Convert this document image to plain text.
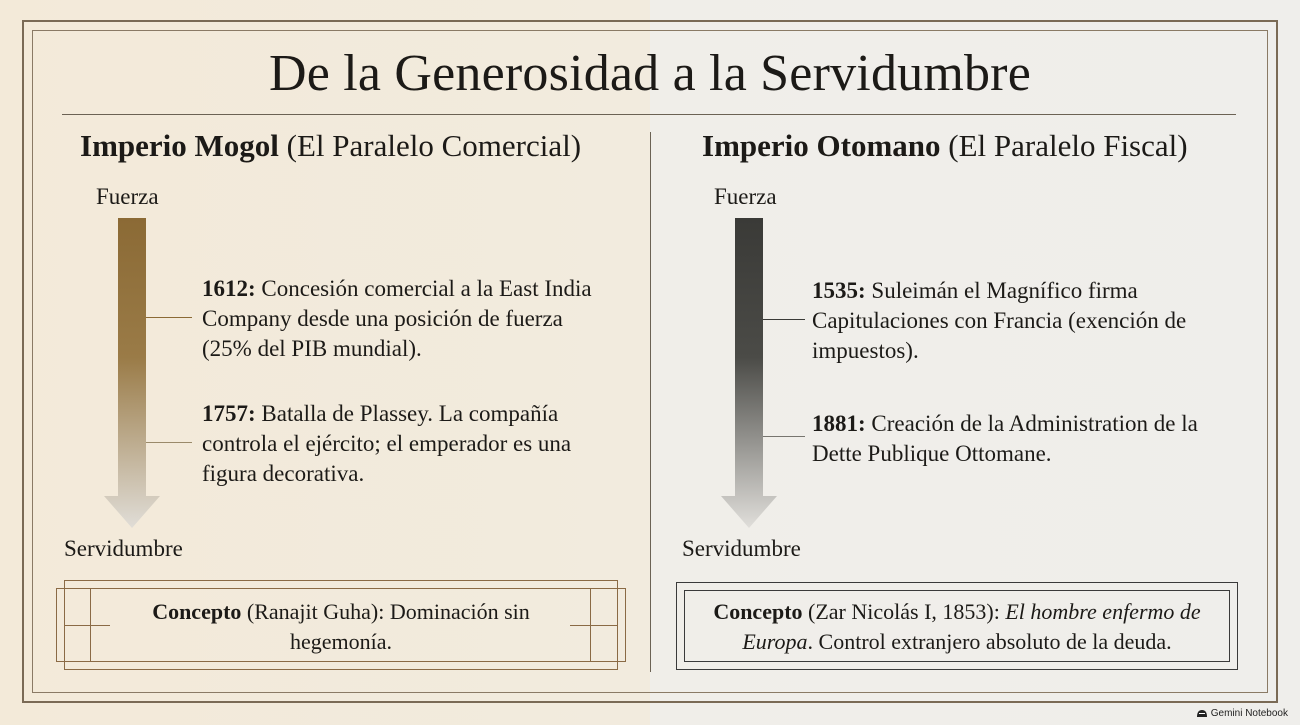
De la Generosidad a la Servidumbre
Imperio Mogol (El Paralelo Comercial)
Fuerza
Servidumbre
1612: Concesión comercial a la East India Company desde una posición de fuerza (25% del PIB mundial).
1757: Batalla de Plassey. La compañía controla el ejército; el emperador es una figura decorativa.
Concepto (Ranajit Guha): Dominación sin hegemonía.
Imperio Otomano (El Paralelo Fiscal)
Fuerza
Servidumbre
1535: Suleimán el Magnífico firma Capitulaciones con Francia (exención de impuestos).
1881: Creación de la Administration de la Dette Publique Ottomane.
Concepto (Zar Nicolás I, 1853): El hombre enfermo de Europa. Control extranjero absoluto de la deuda.
Gemini Notebook
